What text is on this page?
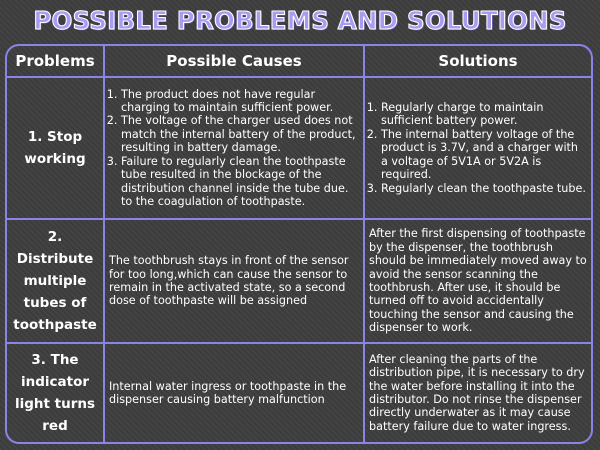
POSSIBLE PROBLEMS AND SOLUTIONS
Problems	Possible Causes	Solutions
1. Stop working
1. The product does not have regular charging to maintain sufficient power.
2. The voltage of the charger used does not match the internal battery of the product, resulting in battery damage.
3. Failure to regularly clean the toothpaste tube resulted in the blockage of the distribution channel inside the tube due. to the coagulation of toothpaste.
1. Regularly charge to maintain sufficient battery power.
2. The internal battery voltage of the product is 3.7V, and a charger with a voltage of 5V1A or 5V2A is required.
3. Regularly clean the toothpaste tube.
2. Distribute multiple tubes of toothpaste
The toothbrush stays in front of the sensor for too long,which can cause the sensor to remain in the activated state, so a second dose of toothpaste will be assigned
After the first dispensing of toothpaste by the dispenser, the toothbrush should be immediately moved away to avoid the sensor scanning the toothbrush. After use, it should be turned off to avoid accidentally touching the sensor and causing the dispenser to work.
3. The indicator light turns red
Internal water ingress or toothpaste in the dispenser causing battery malfunction
After cleaning the parts of the distribution pipe, it is necessary to dry the water before installing it into the distributor. Do not rinse the dispenser directly underwater as it may cause battery failure due to water ingress.
